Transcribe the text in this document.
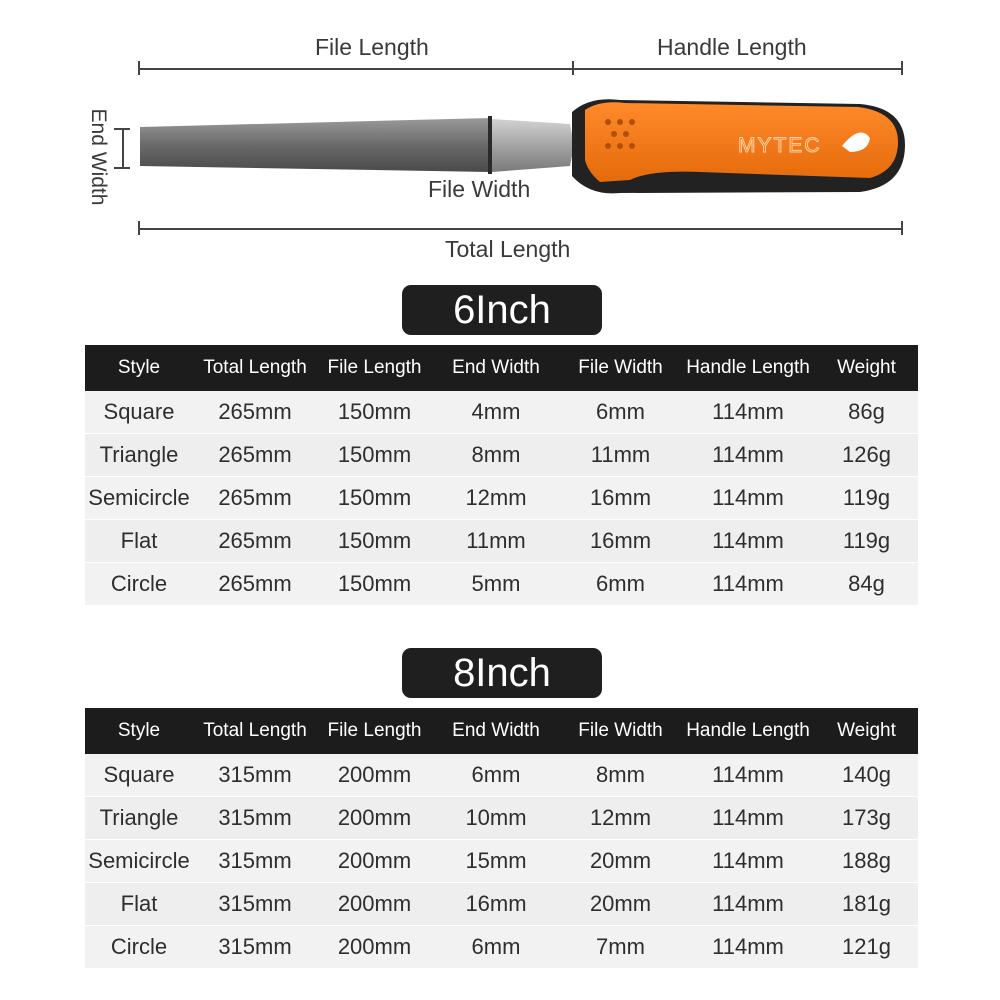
File Length	Handle Length
End Width	MYTEC
File Width
Total Length
6Inch
Style	Total Length	File Length	End Width	File Width	Handle Length	Weight
Square	265mm	150mm	4mm	6mm	114mm	86g
Triangle	265mm	150mm	8mm	11mm	114mm	126g
Semicircle	265mm	150mm	12mm	16mm	114mm	119g
Flat	265mm	150mm	11mm	16mm	114mm	119g
Circle	265mm	150mm	5mm	6mm	114mm	84g
8Inch
Style	Total Length	File Length	End Width	File Width	Handle Length	Weight
Square	315mm	200mm	6mm	8mm	114mm	140g
Triangle	315mm	200mm	10mm	12mm	114mm	173g
Semicircle	315mm	200mm	15mm	20mm	114mm	188g
Flat	315mm	200mm	16mm	20mm	114mm	181g
Circle	315mm	200mm	6mm	7mm	114mm	121g
